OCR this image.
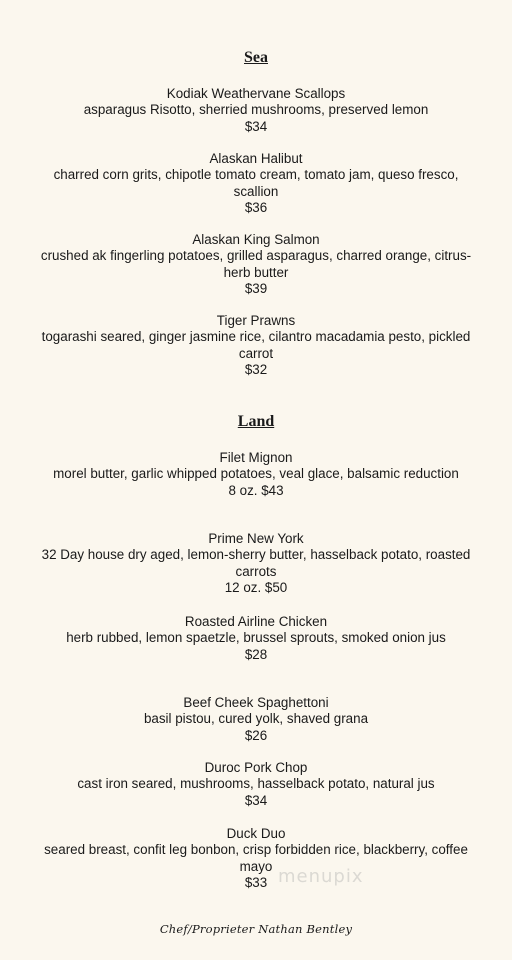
Sea
Kodiak Weathervane Scallops
asparagus Risotto, sherried mushrooms, preserved lemon
$34
Alaskan Halibut
charred corn grits, chipotle tomato cream, tomato jam, queso fresco, scallion
$36
Alaskan King Salmon
crushed ak fingerling potatoes, grilled asparagus, charred orange, citrus-herb butter
$39
Tiger Prawns
togarashi seared, ginger jasmine rice, cilantro macadamia pesto, pickled carrot
$32
Land
Filet Mignon
morel butter, garlic whipped potatoes, veal glace, balsamic reduction
8 oz. $43
Prime New York
32 Day house dry aged, lemon-sherry butter, hasselback potato, roasted carrots
12 oz. $50
Roasted Airline Chicken
herb rubbed, lemon spaetzle, brussel sprouts, smoked onion jus
$28
Beef Cheek Spaghettoni
basil pistou, cured yolk, shaved grana
$26
Duroc Pork Chop
cast iron seared, mushrooms, hasselback potato, natural jus
$34
Duck Duo
seared breast, confit leg bonbon, crisp forbidden rice, blackberry, coffee mayo
$33 menupix
Chef/Proprieter Nathan Bentley
